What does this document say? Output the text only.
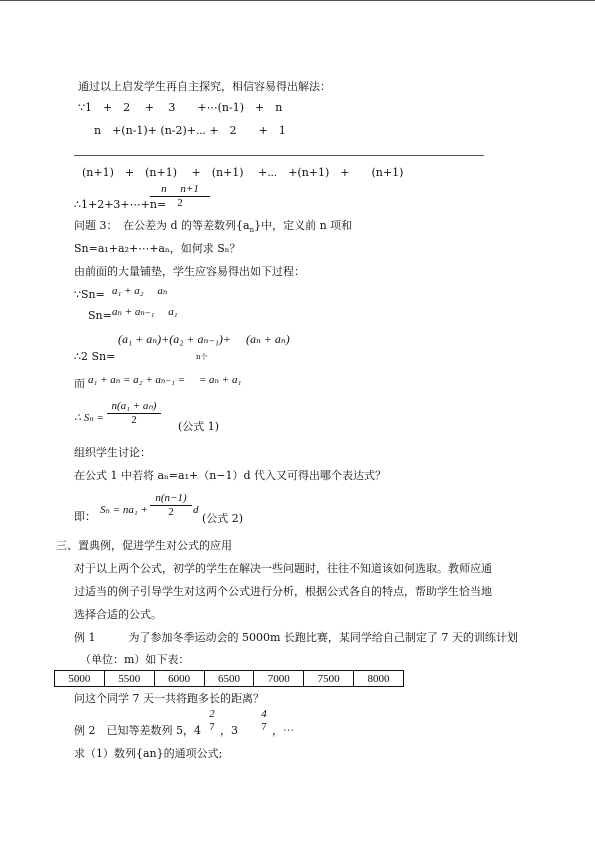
通过以上启发学生再自主探究，相信容易得出解法：
∵1　+　2　 +　 3　　+⋯(n-1)　+　n
n　+(n-1)+ (n-2)+⋯ +　2　　+　1
(n+1)　+　(n+1)　 +　(n+1)　 +⋯　+(n+1)　+　　(n+1)
∴1+2+3+⋯+n=
$\frac{\text{n　 n+1}}{2}$
问题 3：　在公差为 d 的等差数列$\{a_n\}$中，定义前 n 项和
Sn=a₁+a₂+⋯+aₙ，如何求 Sₙ？
由前面的大量铺垫，学生应容易得出如下过程：
∵Sn= a₁ + a₂　 aₙ
Sn= aₙ + aₙ₋₁　 a₁
(a₁ + aₙ)+(a₂ + aₙ₋₁)+　 (aₙ + aₙ)
∴2 Sn=	n个
而 a₁ + aₙ = a₂ + aₙ₋₁ =　 = aₙ + a₁
∴ $S_n = \frac{\text{n(a₁ + aₙ)}}{2}$ (公式 1)
组织学生讨论：
在公式 1 中若将 aₙ=a₁+（n−1）d 代入又可得出哪个表达式？
即： $S_n = na_1 + \frac{n(n-1)}{2}$ d
(公式 2)
三、置典例，促进学生对公式的应用
对于以上两个公式，初学的学生在解决一些问题时，往往不知道该如何选取。教师应通
过适当的例子引导学生对这两个公式进行分析，根据公式各自的特点，帮助学生恰当地
选择合适的公式。
例 1　　　为了参加冬季运动会的 5000m 长跑比赛，某同学给自己制定了 7 天的训练计划
（单位：m）如下表：
5000	5500	6000	6500	7000	7500	8000
问这个同学 7 天一共将跑多长的距离？
例 2　已知等差数列 5，4
2
7 ，3
4
7 ，⋯
求（1）数列{an}的通项公式;
